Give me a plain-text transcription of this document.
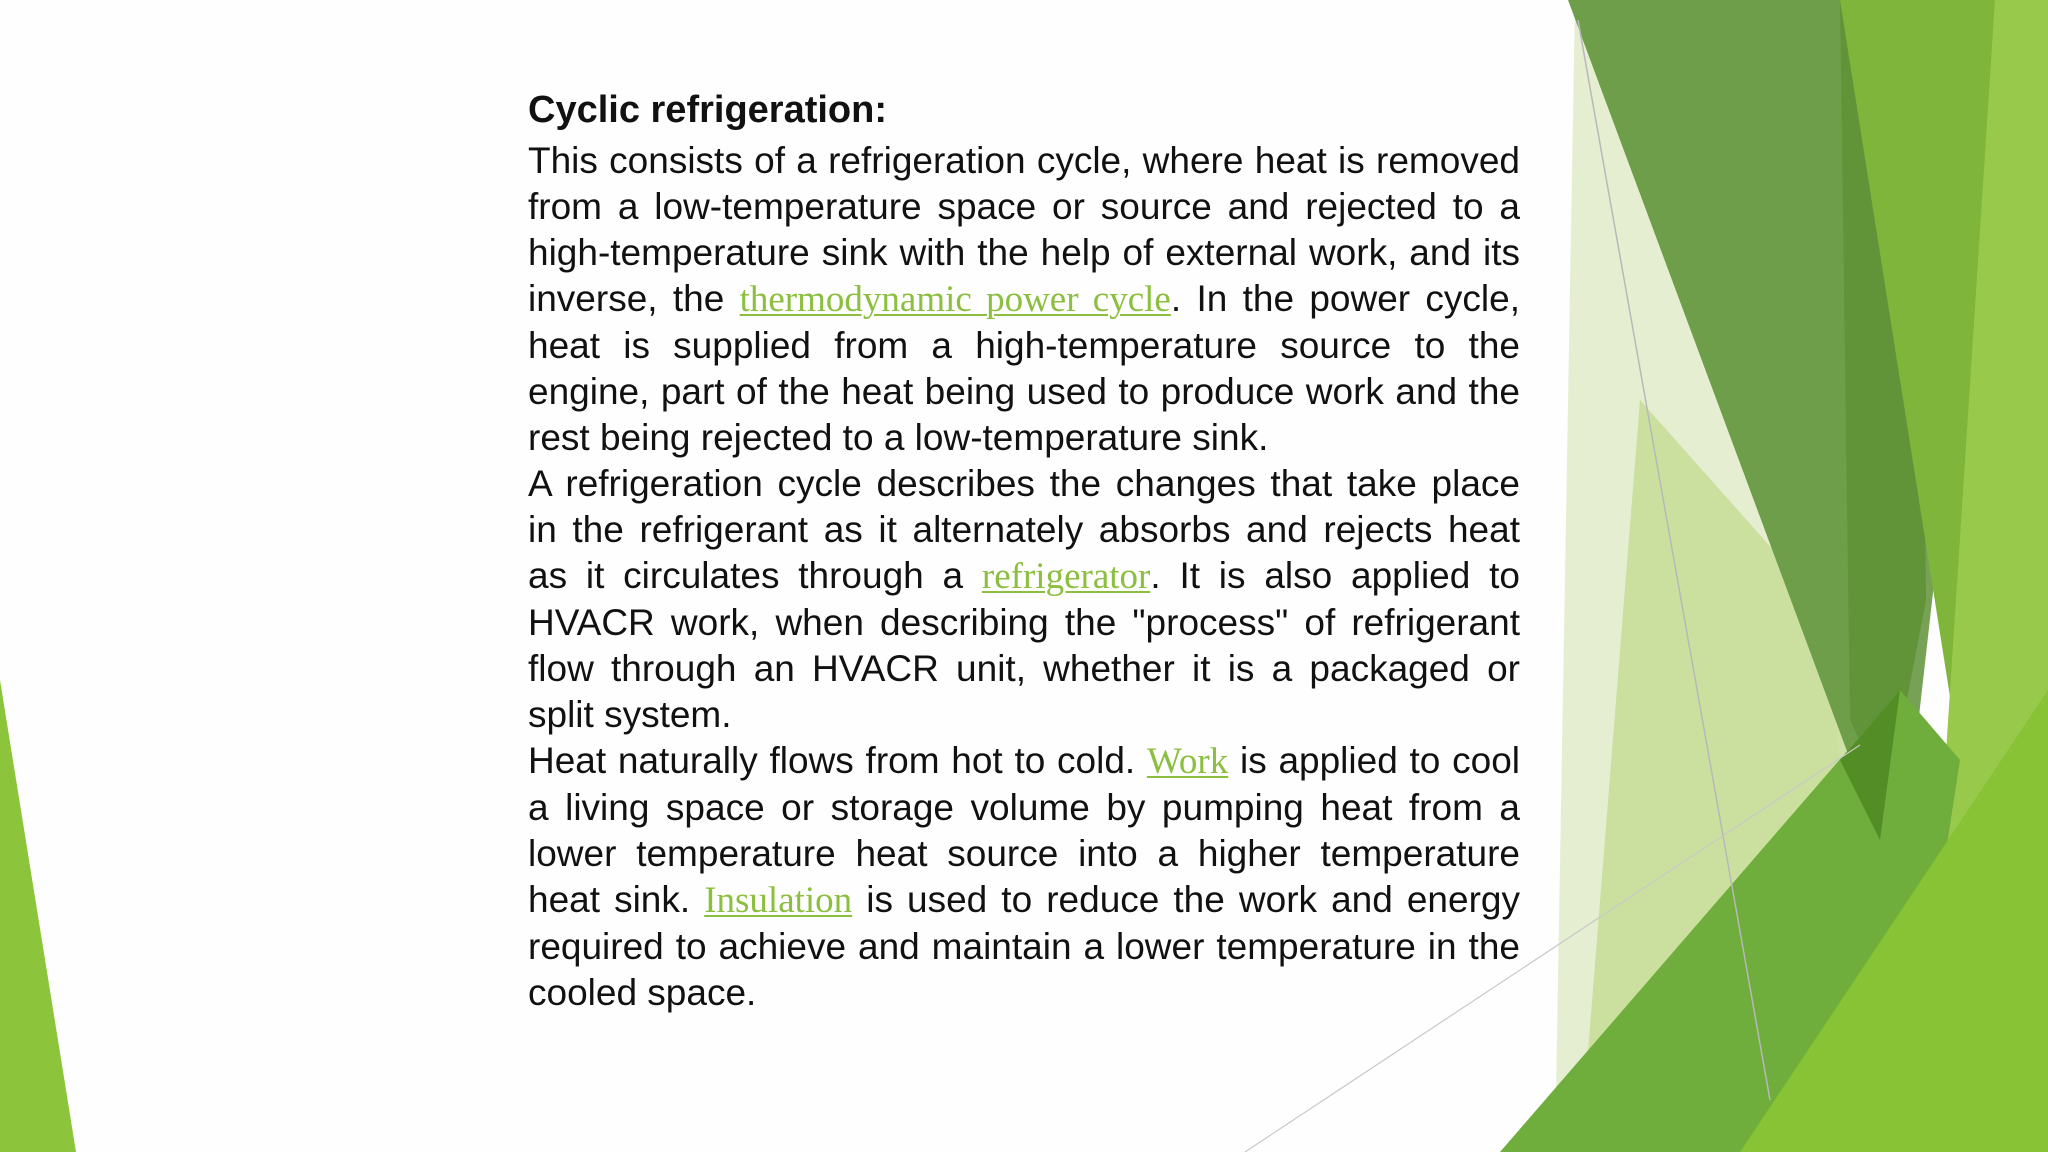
Cyclic refrigeration:

This consists of a refrigeration cycle, where heat is removed from a low-temperature space or source and rejected to a high-temperature sink with the help of external work, and its inverse, the thermodynamic power cycle. In the power cycle, heat is supplied from a high-temperature source to the engine, part of the heat being used to produce work and the rest being rejected to a low-temperature sink.

A refrigeration cycle describes the changes that take place in the refrigerant as it alternately absorbs and rejects heat as it circulates through a refrigerator. It is also applied to HVACR work, when describing the "process" of refrigerant flow through an HVACR unit, whether it is a packaged or split system.

Heat naturally flows from hot to cold. Work is applied to cool a living space or storage volume by pumping heat from a lower temperature heat source into a higher temperature heat sink. Insulation is used to reduce the work and energy required to achieve and maintain a lower temperature in the cooled space.
